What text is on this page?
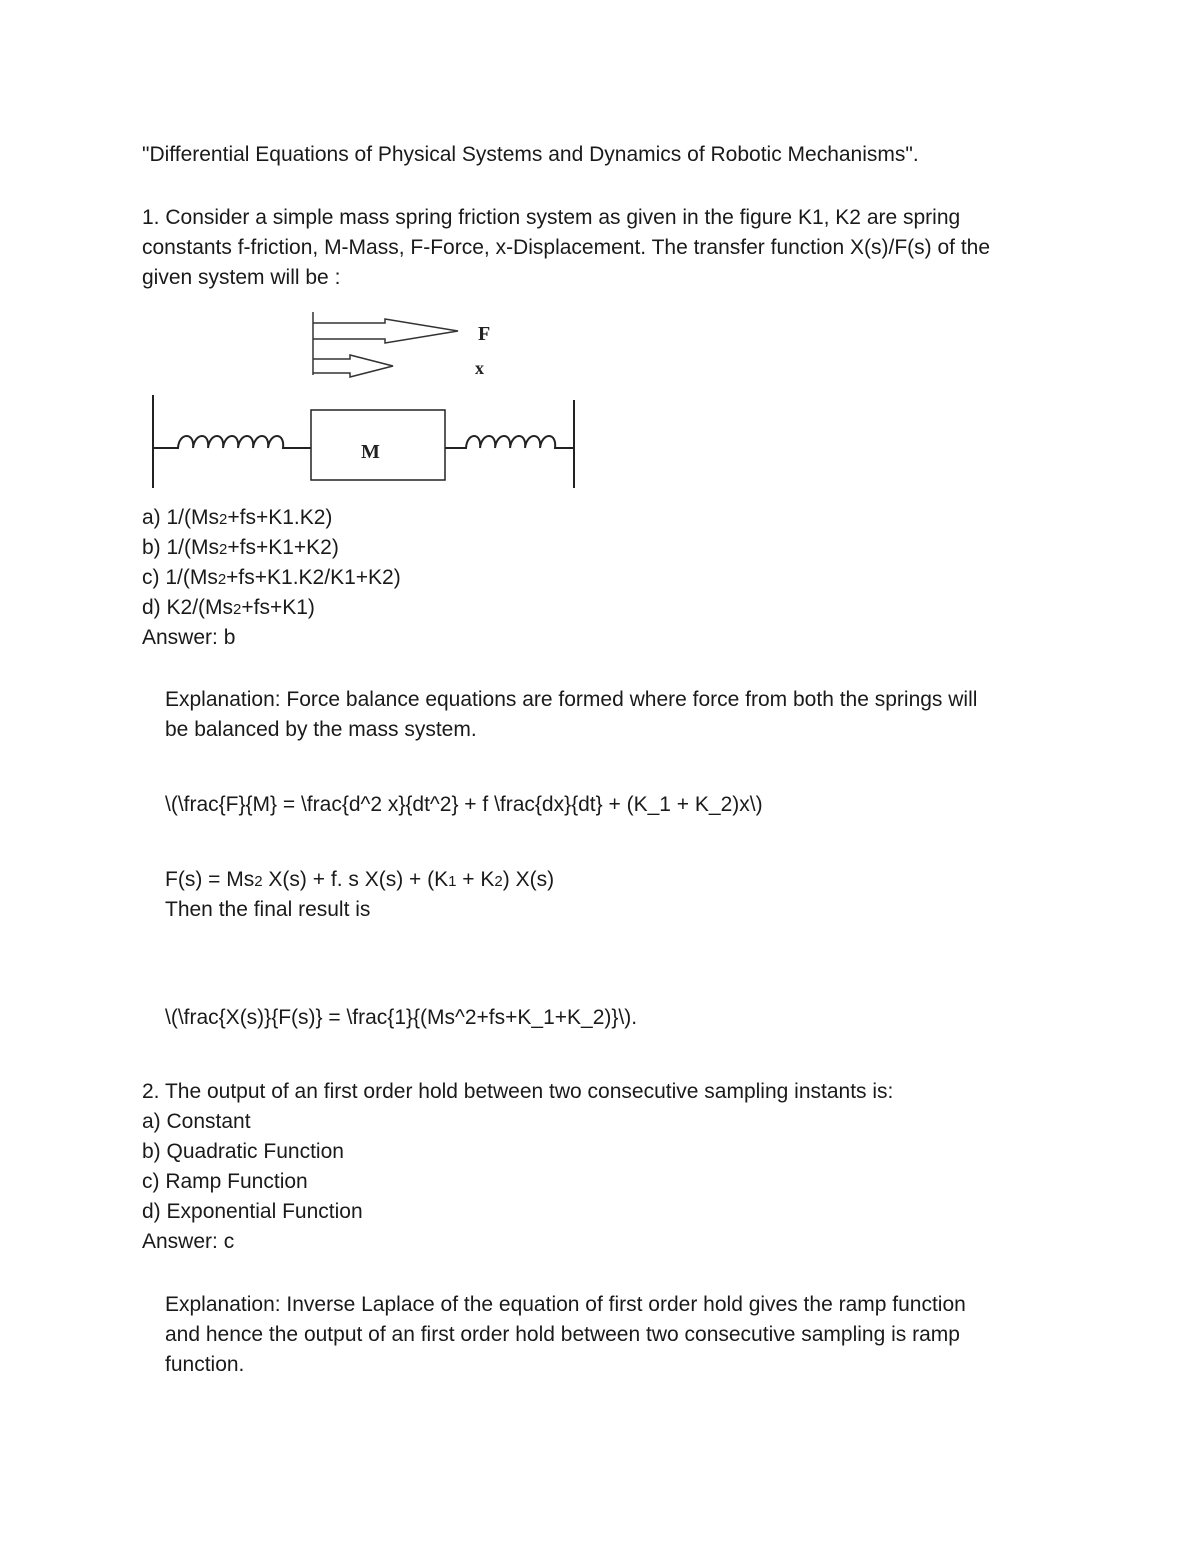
"Differential Equations of Physical Systems and Dynamics of Robotic Mechanisms".
1. Consider a simple mass spring friction system as given in the figure K1, K2 are spring
constants f-friction, M-Mass, F-Force, x-Displacement. The transfer function X(s)/F(s) of the
given system will be :
F
x
M
a) 1/(Ms2+fs+K1.K2)
b) 1/(Ms2+fs+K1+K2)
c) 1/(Ms2+fs+K1.K2/K1+K2)
d) K2/(Ms2+fs+K1)
Answer: b
Explanation: Force balance equations are formed where force from both the springs will
be balanced by the mass system.
\(\frac{F}{M} = \frac{d^2 x}{dt^2} + f \frac{dx}{dt} + (K_1 + K_2)x\)
F(s) = Ms2 X(s) + f. s X(s) + (K1 + K2) X(s)
Then the final result is
\(\frac{X(s)}{F(s)} = \frac{1}{(Ms^2+fs+K_1+K_2)}\).
2. The output of an first order hold between two consecutive sampling instants is:
a) Constant
b) Quadratic Function
c) Ramp Function
d) Exponential Function
Answer: c
Explanation: Inverse Laplace of the equation of first order hold gives the ramp function
and hence the output of an first order hold between two consecutive sampling is ramp
function.
